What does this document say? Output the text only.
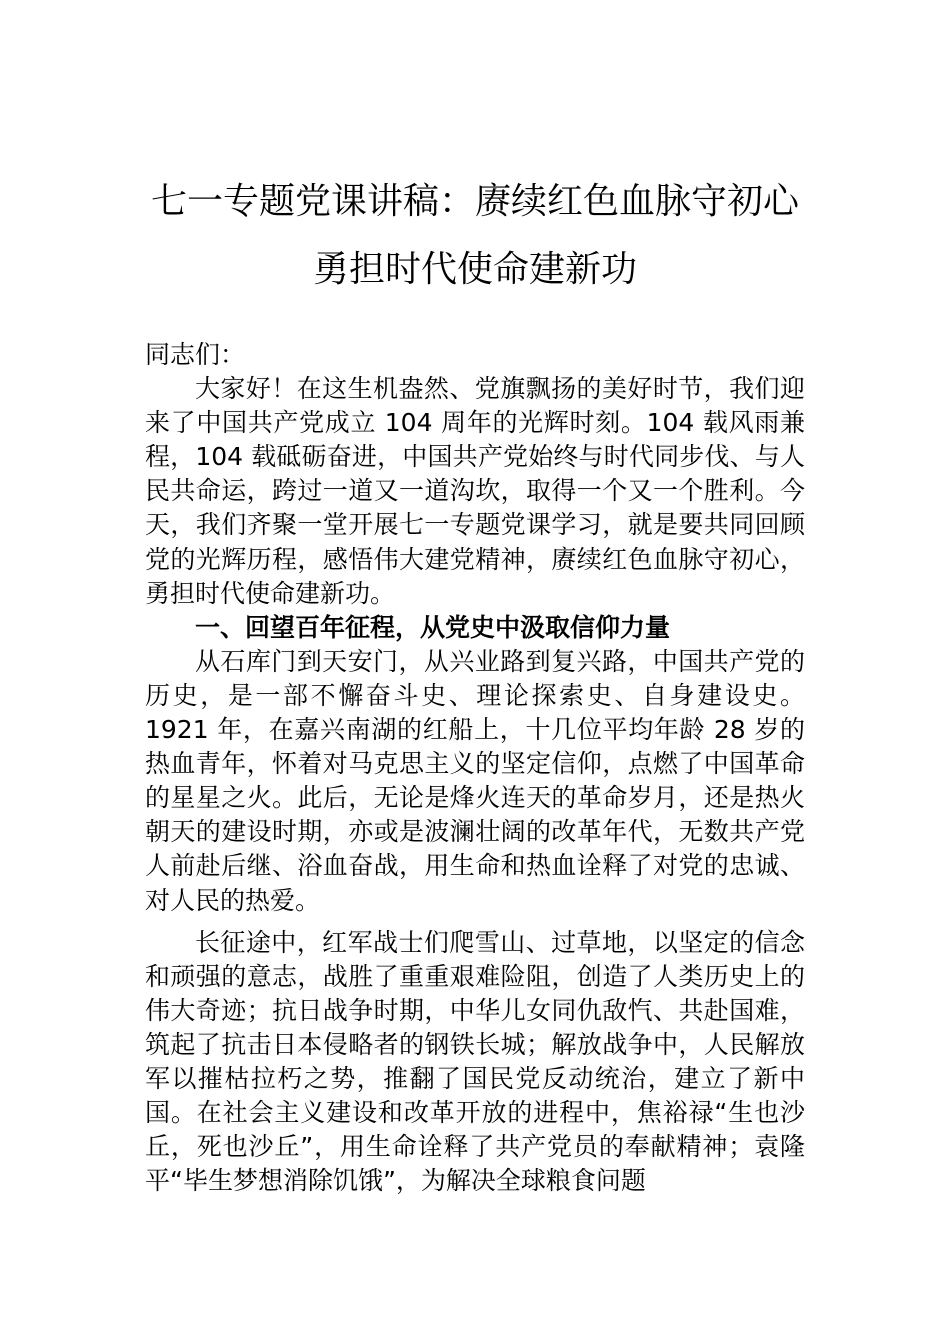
七一专题党课讲稿：赓续红色血脉守初心
勇担时代使命建新功

同志们：

大家好！在这生机盎然、党旗飘扬的美好时节，我们迎来了中国共产党成立 104 周年的光辉时刻。104 载风雨兼程，104 载砥砺奋进，中国共产党始终与时代同步伐、与人民共命运，跨过一道又一道沟坎，取得一个又一个胜利。今天，我们齐聚一堂开展七一专题党课学习，就是要共同回顾党的光辉历程，感悟伟大建党精神，赓续红色血脉守初心，勇担时代使命建新功。

一、回望百年征程，从党史中汲取信仰力量

从石库门到天安门，从兴业路到复兴路，中国共产党的历史，是一部不懈奋斗史、理论探索史、自身建设史。1921 年，在嘉兴南湖的红船上，十几位平均年龄 28 岁的热血青年，怀着对马克思主义的坚定信仰，点燃了中国革命的星星之火。此后，无论是烽火连天的革命岁月，还是热火朝天的建设时期，亦或是波澜壮阔的改革年代，无数共产党人前赴后继、浴血奋战，用生命和热血诠释了对党的忠诚、对人民的热爱。

长征途中，红军战士们爬雪山、过草地，以坚定的信念和顽强的意志，战胜了重重艰难险阻，创造了人类历史上的伟大奇迹；抗日战争时期，中华儿女同仇敌忾、共赴国难，筑起了抗击日本侵略者的钢铁长城；解放战争中，人民解放军以摧枯拉朽之势，推翻了国民党反动统治，建立了新中国。在社会主义建设和改革开放的进程中，焦裕禄“生也沙丘，死也沙丘”，用生命诠释了共产党员的奉献精神；袁隆平“毕生梦想消除饥饿”，为解决全球粮食问题
